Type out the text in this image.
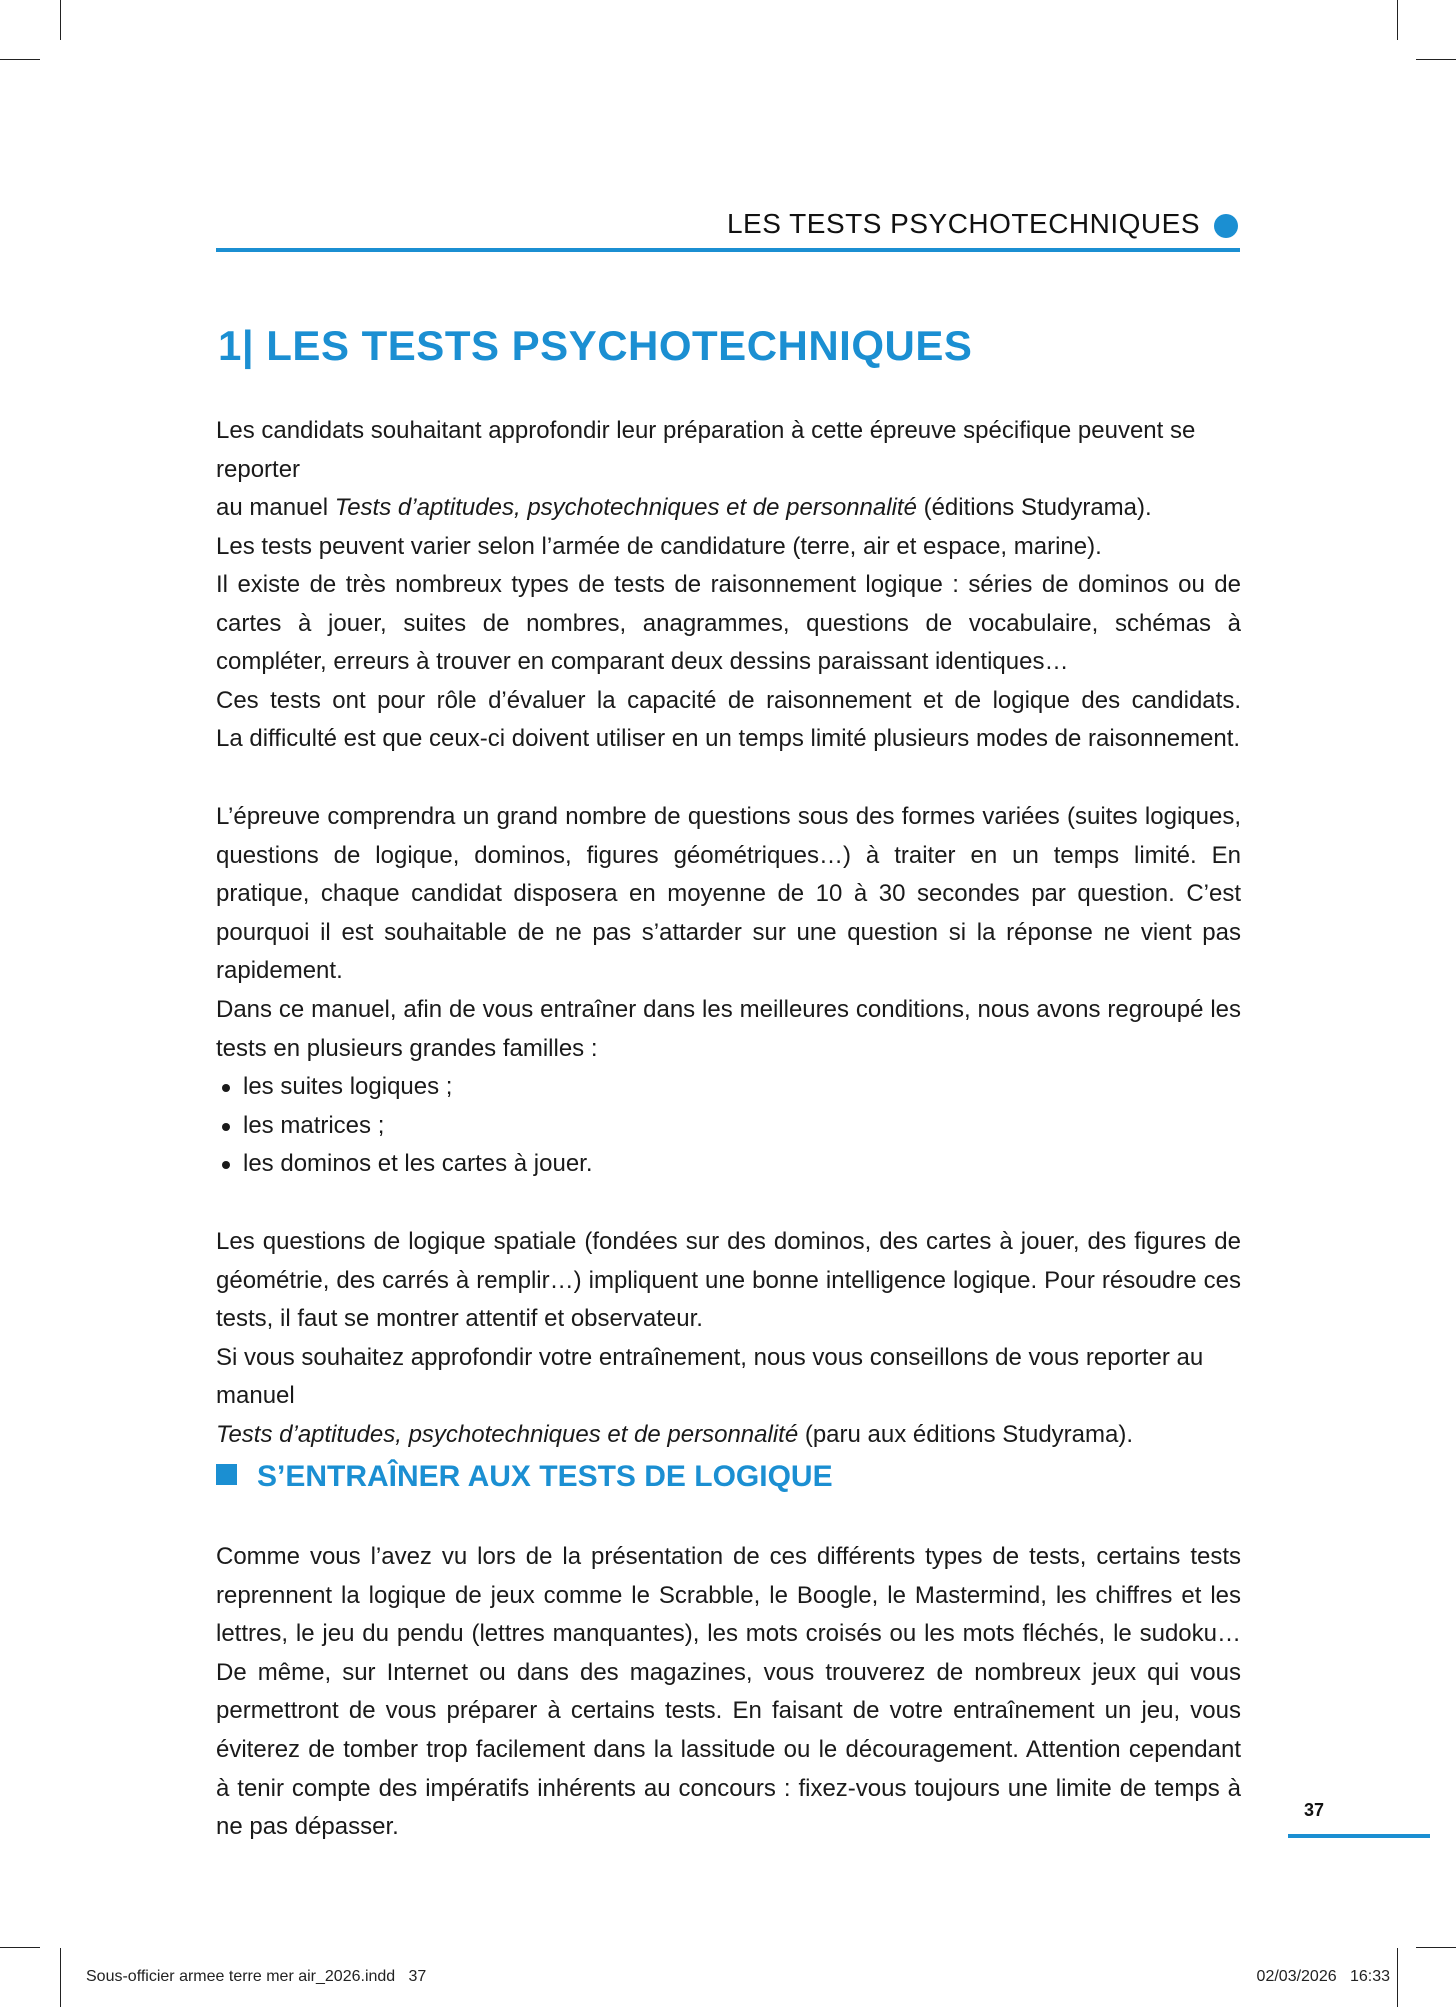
LES TESTS PSYCHOTECHNIQUES
1| LES TESTS PSYCHOTECHNIQUES

Les candidats souhaitant approfondir leur préparation à cette épreuve spécifique peuvent se reporter

au manuel Tests d’aptitudes, psychotechniques et de personnalité (éditions Studyrama).

Les tests peuvent varier selon l’armée de candidature (terre, air et espace, marine).

Il existe de très nombreux types de tests de raisonnement logique : séries de dominos ou de cartes à jouer, suites de nombres, anagrammes, questions de vocabulaire, schémas à compléter, erreurs à trouver en comparant deux dessins paraissant identiques…

Ces tests ont pour rôle d’évaluer la capacité de raisonnement et de logique des candidats.

La difficulté est que ceux-ci doivent utiliser en un temps limité plusieurs modes de raisonnement.

L’épreuve comprendra un grand nombre de questions sous des formes variées (suites logiques, questions de logique, dominos, figures géométriques…) à traiter en un temps limité. En pratique, chaque candidat disposera en moyenne de 10 à 30 secondes par question. C’est pourquoi il est souhaitable de ne pas s’attarder sur une question si la réponse ne vient pas rapidement.

Dans ce manuel, afin de vous entraîner dans les meilleures conditions, nous avons regroupé les tests en plusieurs grandes familles :

les suites logiques ;
les matrices ;
les dominos et les cartes à jouer.

Les questions de logique spatiale (fondées sur des dominos, des cartes à jouer, des figures de géométrie, des carrés à remplir…) impliquent une bonne intelligence logique. Pour résoudre ces tests, il faut se montrer attentif et observateur.

Si vous souhaitez approfondir votre entraînement, nous vous conseillons de vous reporter au manuel

Tests d’aptitudes, psychotechniques et de personnalité (paru aux éditions Studyrama).

S’ENTRAÎNER AUX TESTS DE LOGIQUE

Comme vous l’avez vu lors de la présentation de ces différents types de tests, certains tests reprennent la logique de jeux comme le Scrabble, le Boogle, le Mastermind, les chiffres et les lettres, le jeu du pendu (lettres manquantes), les mots croisés ou les mots fléchés, le sudoku… De même, sur Internet ou dans des magazines, vous trouverez de nombreux jeux qui vous permettront de vous préparer à certains tests. En faisant de votre entraînement un jeu, vous éviterez de tomber trop facilement dans la lassitude ou le découragement. Attention cependant à tenir compte des impératifs inhérents au concours : fixez-vous toujours une limite de temps à ne pas dépasser.

37
Sous-officier armee terre mer air_2026.indd   37	02/03/2026   16:33
